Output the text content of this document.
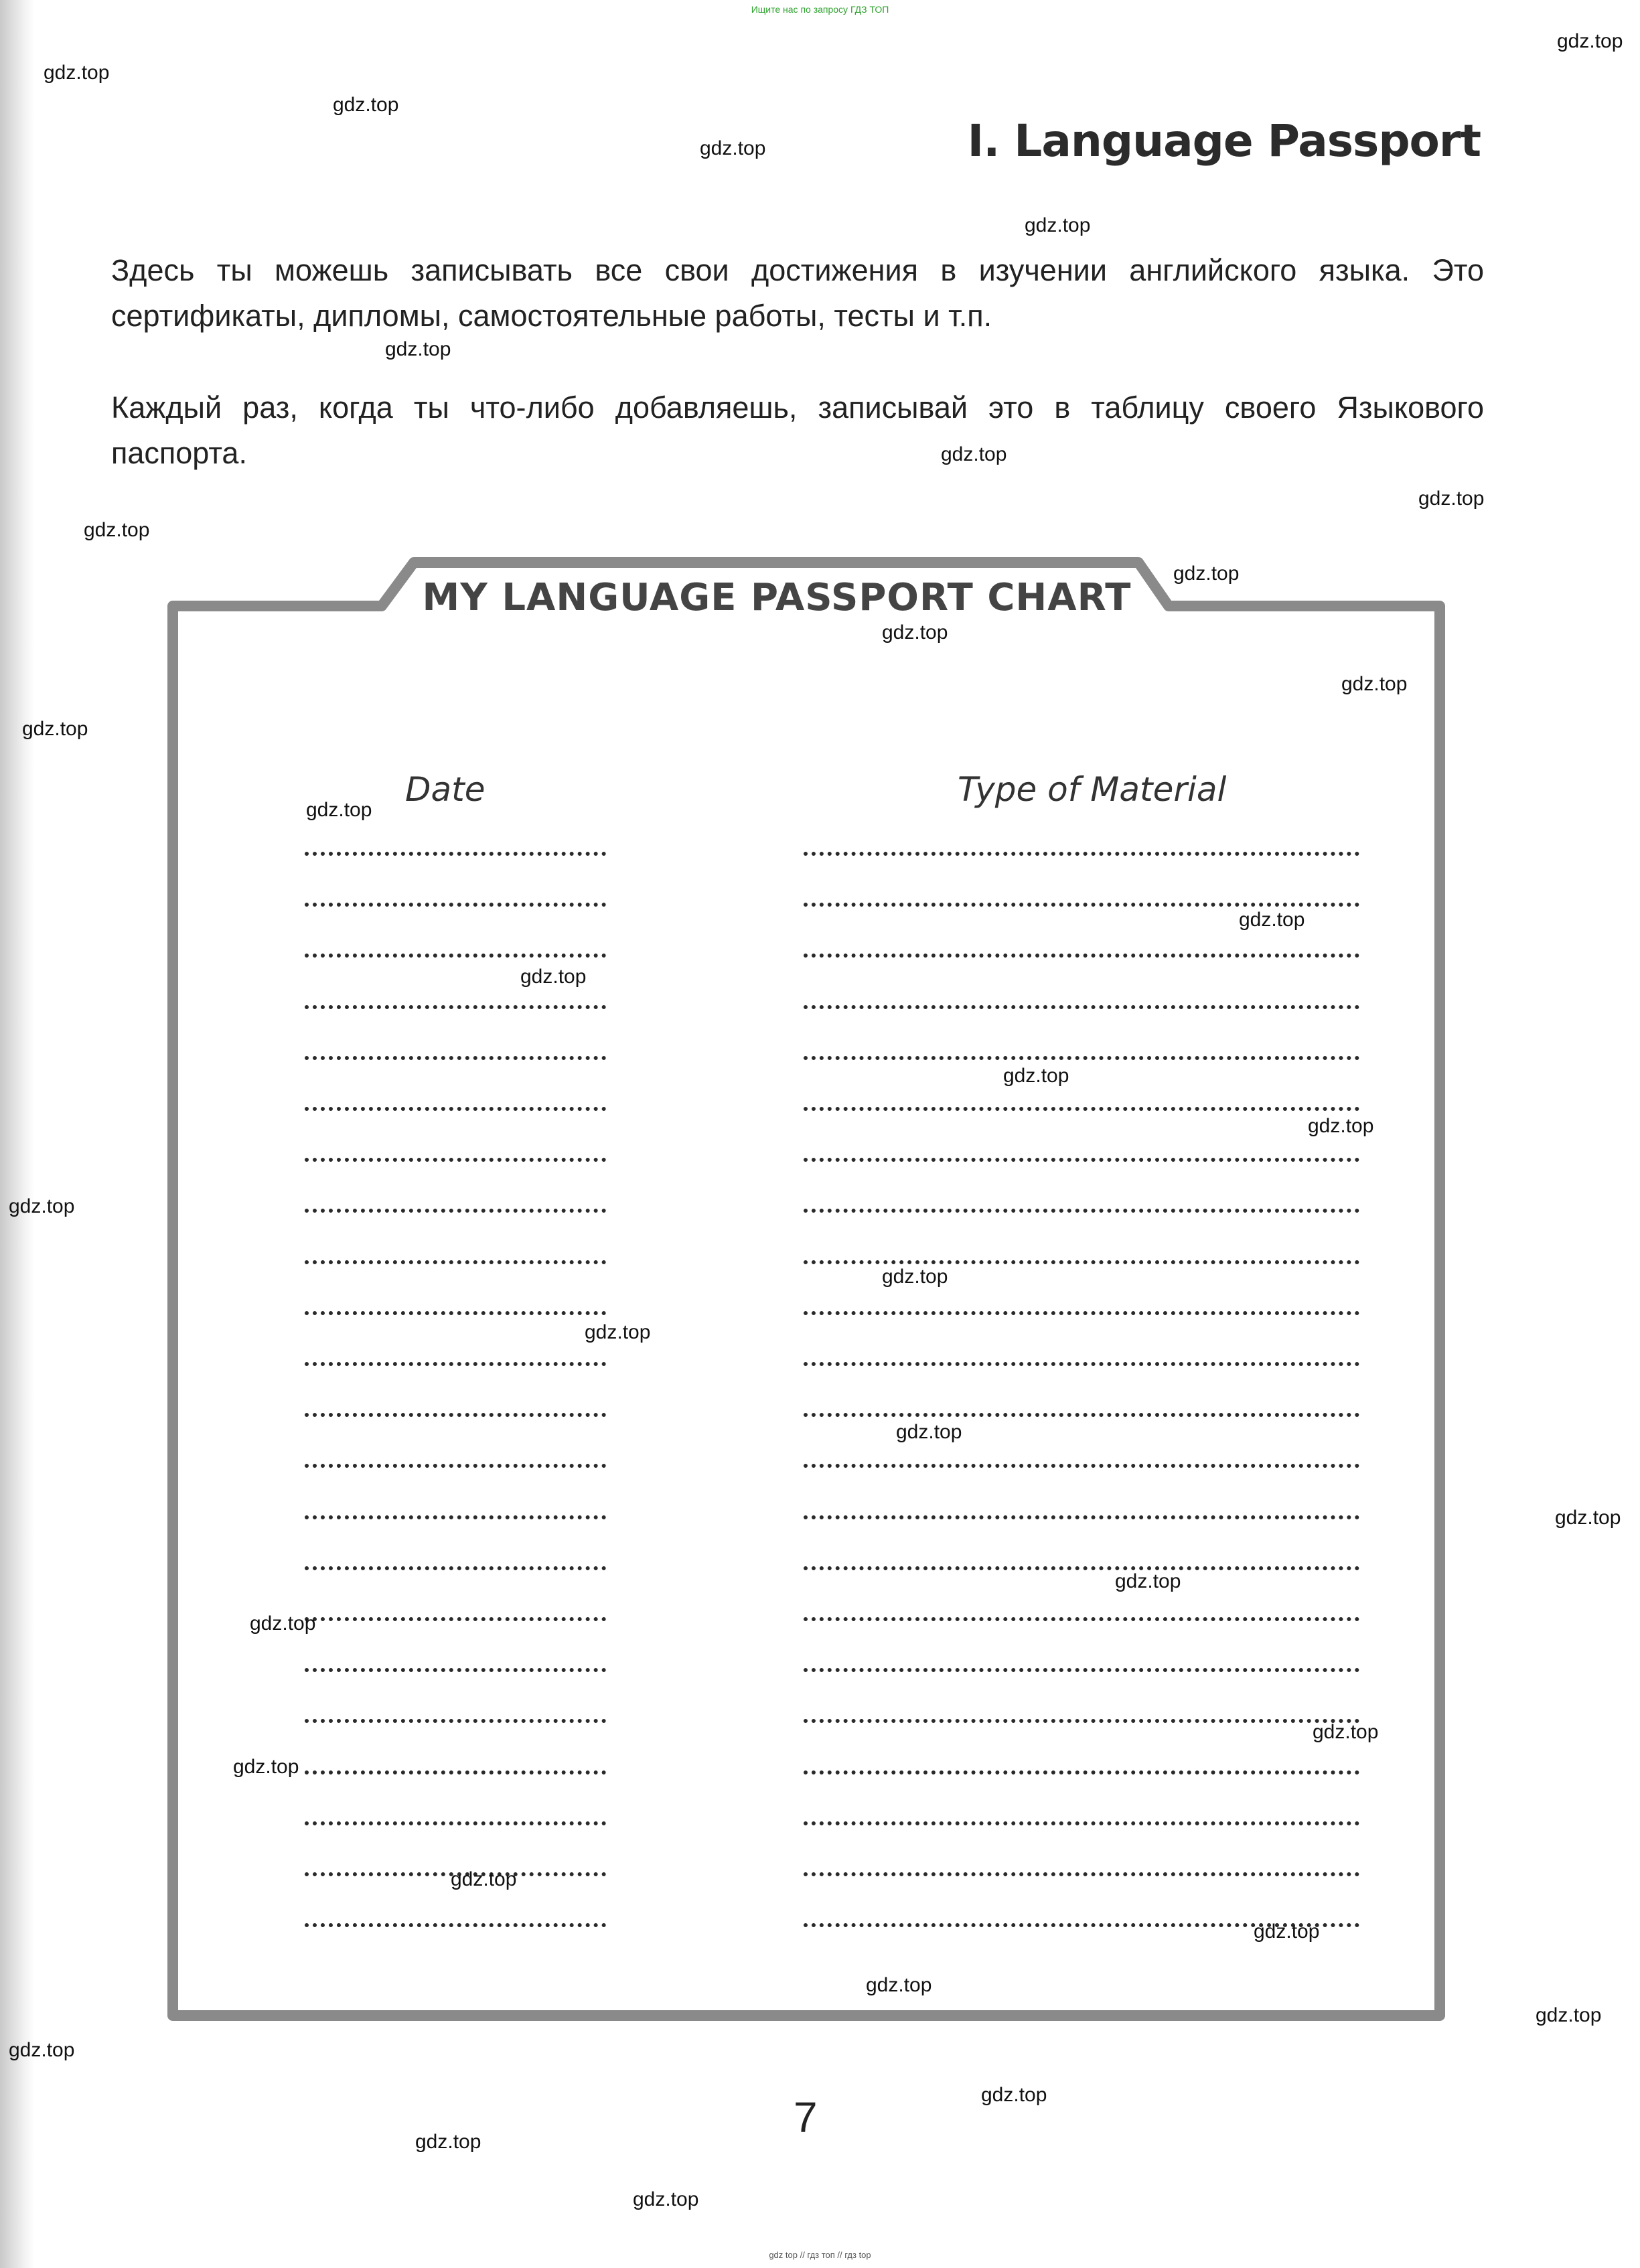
Ищите нас по запросу ГДЗ ТОП
I. Language Passport
Здесь ты можешь записывать все свои достижения в изучении английского языка. Это сертификаты, дипломы, самостоятельные работы, тесты и т.п.
Каждый раз, когда ты что-либо добавляешь, записывай это в таблицу своего Языкового паспорта.
MY LANGUAGE PASSPORT CHART
Date	Type of Material
7
gdz.top
gdz.top
gdz.top
gdz.top
gdz.top
gdz.top
gdz.top
gdz.top
gdz.top
gdz.top
gdz.top
gdz.top
gdz.top
gdz.top
gdz.top
gdz.top
gdz.top
gdz.top
gdz.top
gdz.top
gdz.top
gdz.top
gdz.top
gdz.top
gdz.top
gdz.top
gdz.top
gdz.top
gdz.top
gdz.top
gdz.top
gdz.top
gdz.top
gdz.top
gdz.top
gdz top // гдз топ // гдз top
